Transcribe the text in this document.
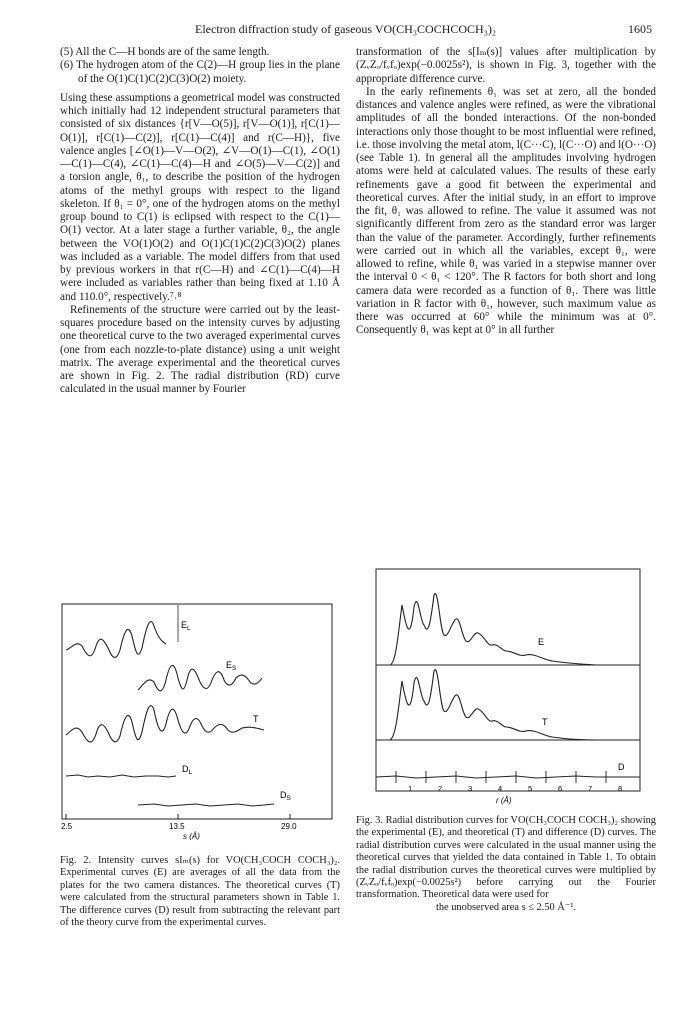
Electron diffraction study of gaseous VO(CH₃COCHCOCH₃)₂	1605
(5) All the C—H bonds are of the same length.
(6) The hydrogen atom of the C(2)—H group lies in the plane of the O(1)C(1)C(2)C(3)O(2) moiety.

Using these assumptions a geometrical model was constructed which initially had 12 independent structural parameters that consisted of six distances {r[V—O(5)], r[V—O(1)], r[C(1)—O(1)], r[C(1)—C(2)], r[C(1)—C(4)] and r(C—H)}, five valence angles [∠O(1)—V—O(2), ∠V—O(1)—C(1), ∠O(1)—C(1)—C(4), ∠C(1)—C(4)—H and ∠O(5)—V—C(2)] and a torsion angle, θ₁, to describe the position of the hydrogen atoms of the methyl groups with respect to the ligand skeleton. If θ₁ = 0°, one of the hydrogen atoms on the methyl group bound to C(1) is eclipsed with respect to the C(1)—O(1) vector. At a later stage a further variable, θ₂, the angle between the VO(1)O(2) and O(1)C(1)C(2)C(3)O(2) planes was included as a variable. The model differs from that used by previous workers in that r(C—H) and ∠C(1)—C(4)—H were included as variables rather than being fixed at 1.10 Å and 110.0°, respectively.⁷˒⁸

Refinements of the structure were carried out by the least-squares procedure based on the intensity curves by adjusting one theoretical curve to the two averaged experimental curves (one from each nozzle-to-plate distance) using a unit weight matrix. The average experimental and the theoretical curves are shown in Fig. 2. The radial distribution (RD) curve calculated in the usual manner by Fourier

transformation of the s[Iₘ(s)] values after multiplication by (ZᵥZₒ/fᵥfₒ)exp(−0.0025s²), is shown in Fig. 3, together with the appropriate difference curve.

In the early refinements θ₁ was set at zero, all the bonded distances and valence angles were refined, as were the vibrational amplitudes of all the bonded interactions. Of the non-bonded interactions only those thought to be most influential were refined, i.e. those involving the metal atom, l(C···C), l(C···O) and l(O···O) (see Table 1). In general all the amplitudes involving hydrogen atoms were held at calculated values. The results of these early refinements gave a good fit between the experimental and theoretical curves. After the initial study, in an effort to improve the fit, θ₁ was allowed to refine. The value it assumed was not significantly different from zero as the standard error was larger than the value of the parameter. Accordingly, further refinements were carried out in which all the variables, except θ₁, were allowed to refine, while θ₁ was varied in a stepwise manner over the interval 0 < θ₁ < 120°. The R factors for both short and long camera data were recorded as a function of θ₁. There was little variation in R factor with θ₁, however, such maximum value as there was occurred at 60° while the minimum was at 0°. Consequently θ₁ was kept at 0° in all further

$E_L$
$E_S$
T
$D_L$
$D_S$
2.5	13.5	29.0
s (Å)
Fig. 2. Intensity curves sIₘ(s) for VO(CH₃COCH COCH₃)₂. Experimental curves (E) are averages of all the data from the plates for the two camera distances. The theoretical curves (T) were calculated from the structural parameters shown in Table 1. The difference curves (D) result from subtracting the relevant part of the theory curve from the experimental curves.
E
T
D
1	2	3	4	5	6	7	8
r (Å)
Fig. 3. Radial distribution curves for VO(CH₃COCH COCH₃)₂ showing the experimental (E), and theoretical (T) and difference (D) curves. The radial distribution curves were calculated in the usual manner using the theoretical curves that yielded the data contained in Table 1. To obtain the radial distribution curves the theoretical curves were multiplied by (ZᵥZₒ/fᵥfₒ)exp(−0.0025s²) before carrying out the Fourier transformation. Theoretical data were used for
the unobserved area s ≤ 2.50 Å⁻¹.
